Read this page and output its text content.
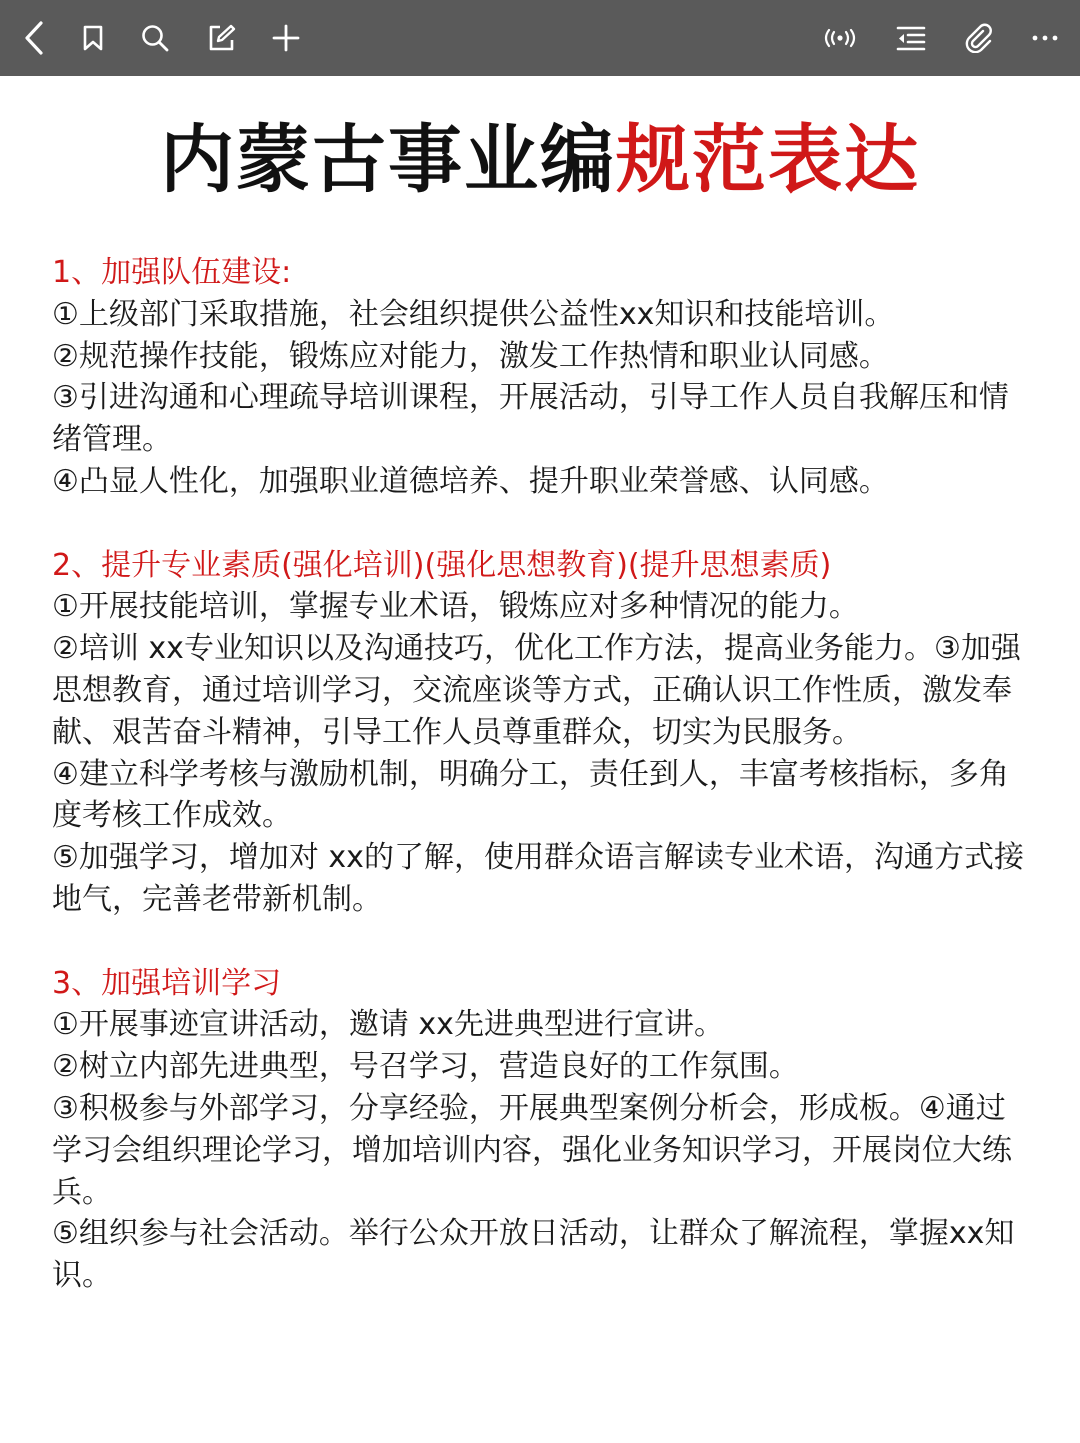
内蒙古事业编规范表达

1、加强队伍建设:

①上级部门采取措施，社会组织提供公益性xx知识和技能培训。

②规范操作技能，锻炼应对能力，激发工作热情和职业认同感。

③引进沟通和心理疏导培训课程，开展活动，引导工作人员自我解压和情绪管理。

④凸显人性化，加强职业道德培养、提升职业荣誉感、认同感。

2、提升专业素质(强化培训)(强化思想教育)(提升思想素质)

①开展技能培训，掌握专业术语，锻炼应对多种情况的能力。

②培训 xx专业知识以及沟通技巧，优化工作方法，提高业务能力。③加强思想教育，通过培训学习，交流座谈等方式，正确认识工作性质，激发奉献、艰苦奋斗精神，引导工作人员尊重群众，切实为民服务。

④建立科学考核与激励机制，明确分工，责任到人，丰富考核指标，多角度考核工作成效。

⑤加强学习，增加对 xx的了解，使用群众语言解读专业术语，沟通方式接地气，完善老带新机制。

3、加强培训学习

①开展事迹宣讲活动，邀请 xx先进典型进行宣讲。

②树立内部先进典型，号召学习，营造良好的工作氛围。

③积极参与外部学习，分享经验，开展典型案例分析会，形成板。④通过学习会组织理论学习，增加培训内容，强化业务知识学习，开展岗位大练兵。

⑤组织参与社会活动。举行公众开放日活动，让群众了解流程，掌握xx知识。
